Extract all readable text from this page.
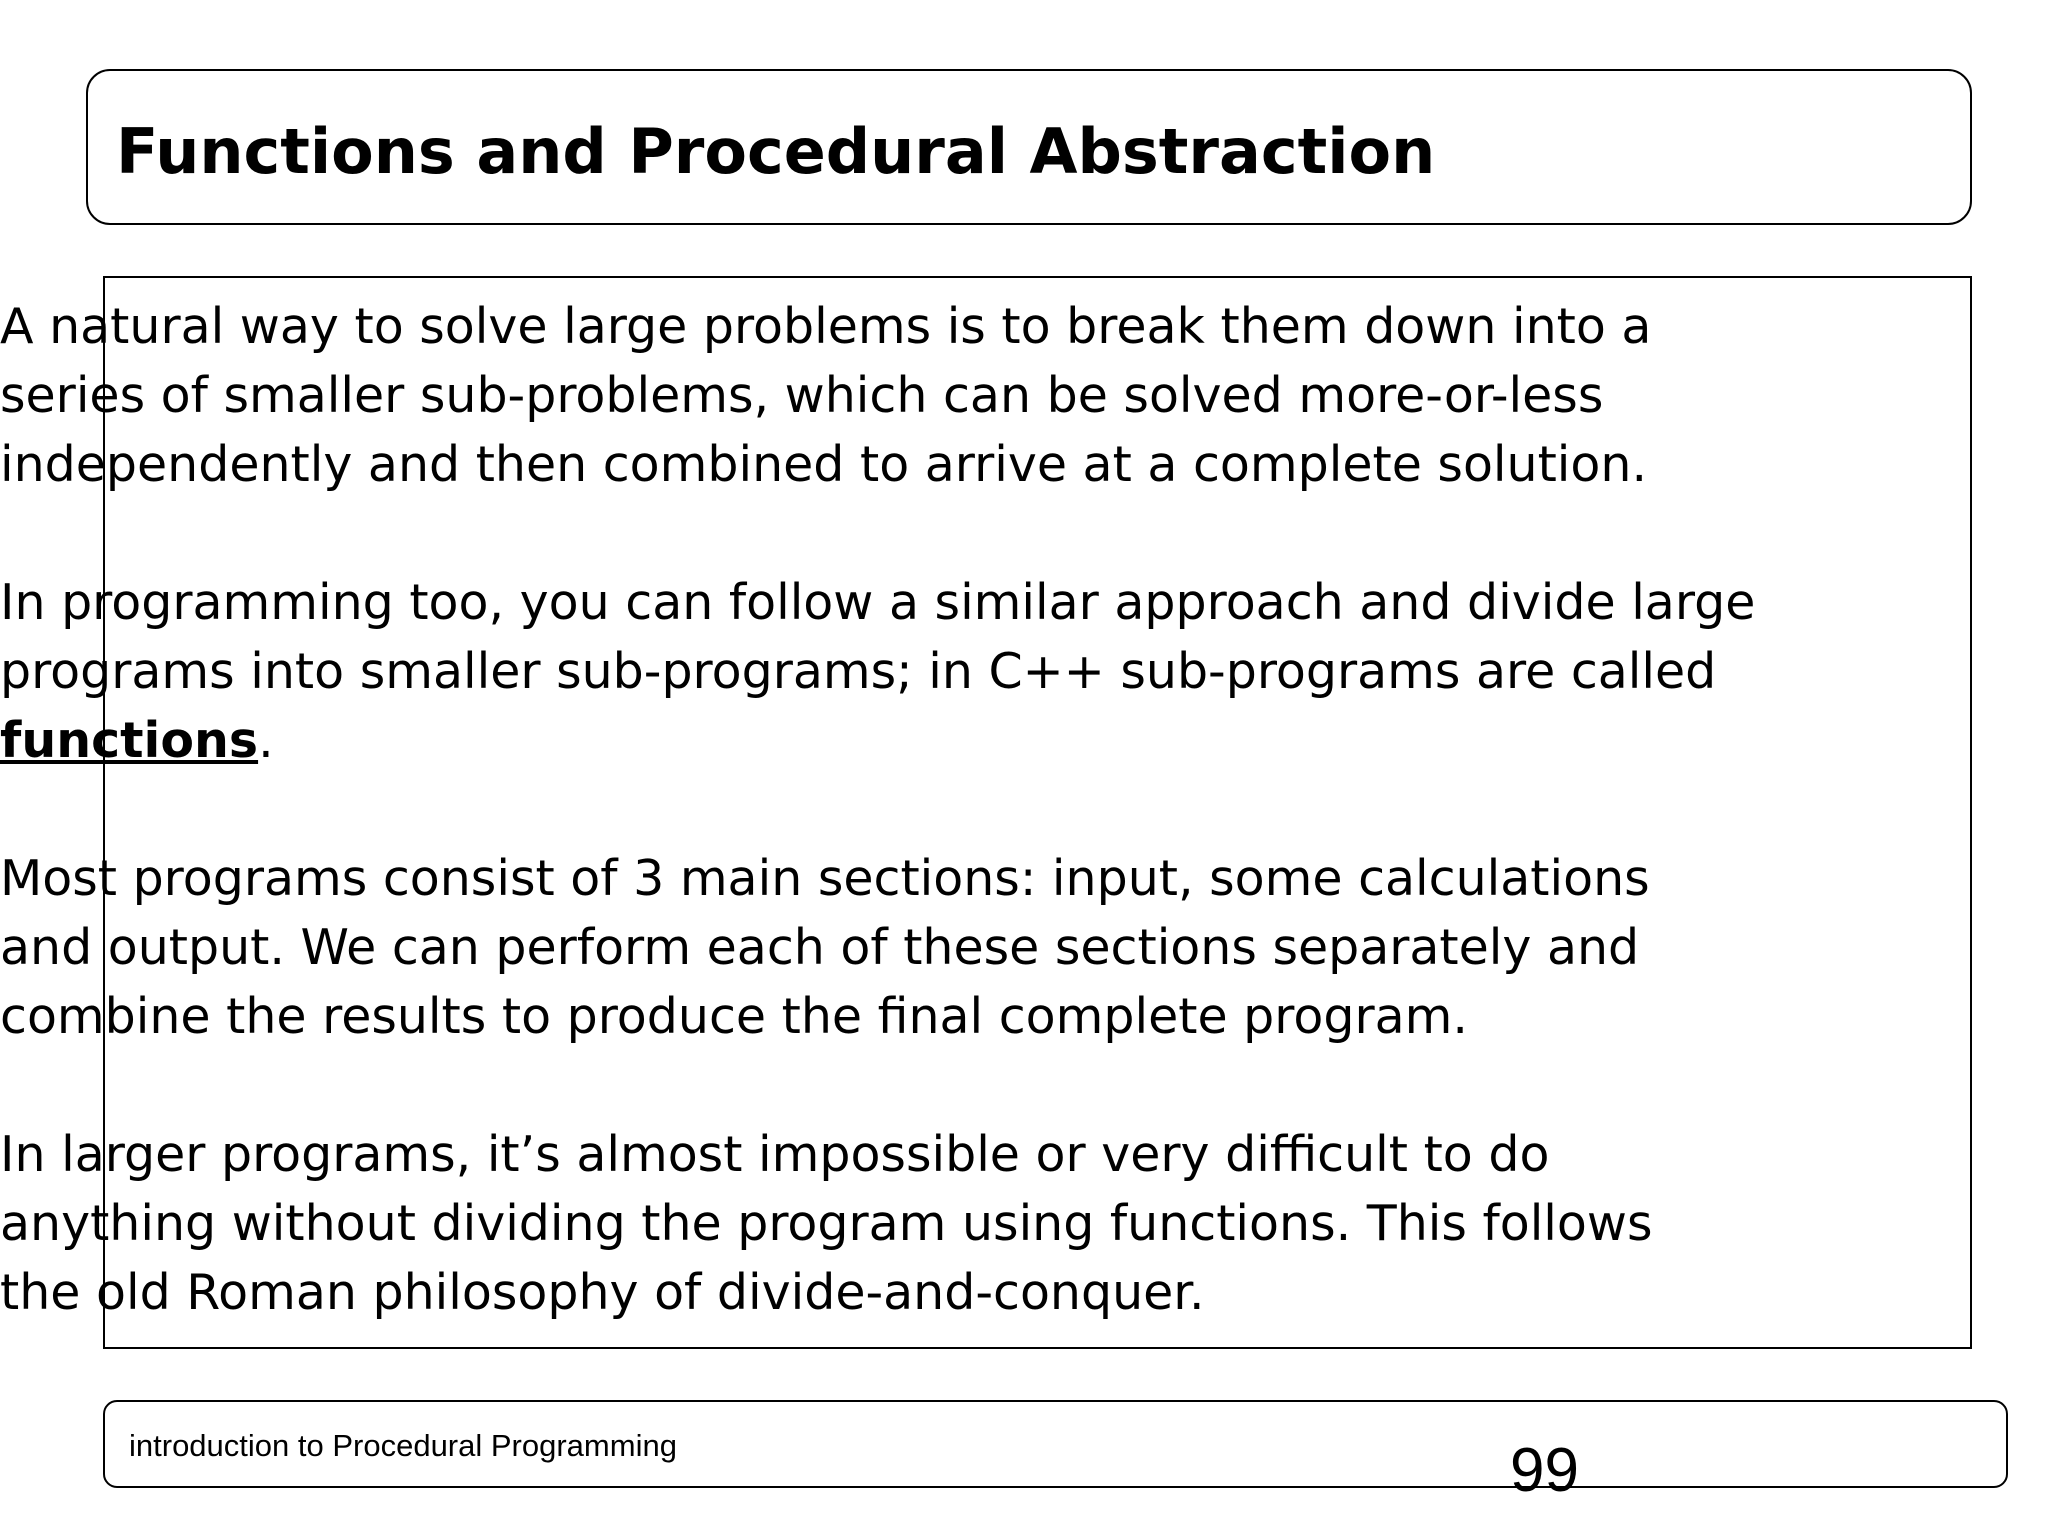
Functions and Procedural Abstraction
A natural way to solve large problems is to break them down into a
series of smaller sub-problems, which can be solved more-or-less
independently and then combined to arrive at a complete solution.
In programming too, you can follow a similar approach and divide large
programs into smaller sub-programs; in C++ sub-programs are called
functions.
Most programs consist of 3 main sections: input, some calculations
and output. We can perform each of these sections separately and
combine the results to produce the final complete program.
In larger programs, it’s almost impossible or very difficult to do
anything without dividing the program using functions. This follows
the old Roman philosophy of divide-and-conquer.
introduction to Procedural Programming	99
